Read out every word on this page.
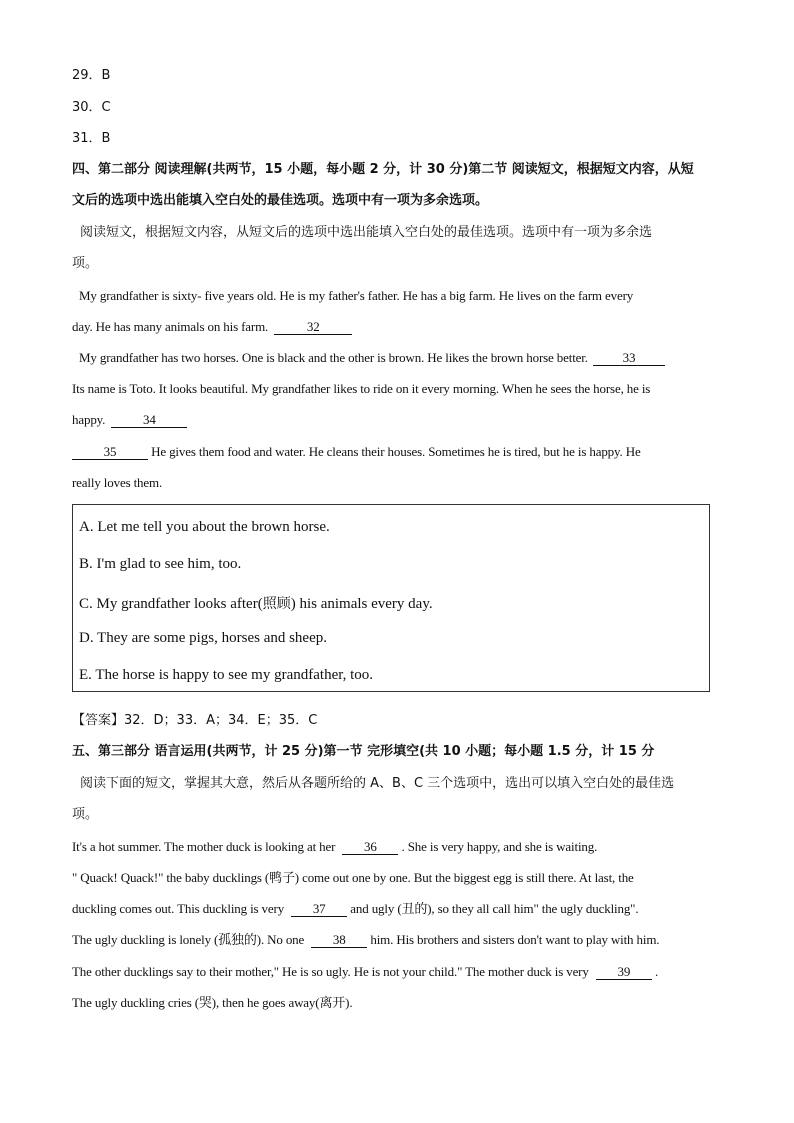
29．B
30．C
31．B
四、第二部分 阅读理解(共两节，15 小题，每小题 2 分，计 30 分)第二节 阅读短文，根据短文内容，从短
文后的选项中选出能填入空白处的最佳选项。选项中有一项为多余选项。
阅读短文，根据短文内容，从短文后的选项中选出能填入空白处的最佳选项。选项中有一项为多余选
项。
My grandfather is sixty- five years old. He is my father's father. He has a big farm. He lives on the farm every
day. He has many animals on his farm.	32
My grandfather has two horses. One is black and the other is brown. He likes the brown horse better.	33
Its name is Toto. It looks beautiful. My grandfather likes to ride on it every morning. When he sees the horse, he is
happy.	34
35	He gives them food and water. He cleans their houses. Sometimes he is tired, but he is happy. He
really loves them.
A. Let me tell you about the brown horse.
B. I'm glad to see him, too.
C. My grandfather looks after(照顾) his animals every day.
D. They are some pigs, horses and sheep.
E. The horse is happy to see my grandfather, too.
【答案】32．D；33．A；34．E；35．C
五、第三部分 语言运用(共两节，计 25 分)第一节 完形填空(共 10 小题；每小题 1.5 分，计 15 分
阅读下面的短文，掌握其大意，然后从各题所给的 A、B、C 三个选项中，选出可以填入空白处的最佳选
项。
It's a hot summer. The mother duck is looking at her 36 . She is very happy, and she is waiting.
" Quack! Quack!" the baby ducklings (鸭子) come out one by one. But the biggest egg is still there. At last, the
duckling comes out. This duckling is very 37 and ugly (丑的), so they all call him" the ugly duckling".
The ugly duckling is lonely (孤独的). No one 38 him. His brothers and sisters don't want to play with him.
The other ducklings say to their mother," He is so ugly. He is not your child." The mother duck is very 39 .
The ugly duckling cries (哭), then he goes away(离开).
